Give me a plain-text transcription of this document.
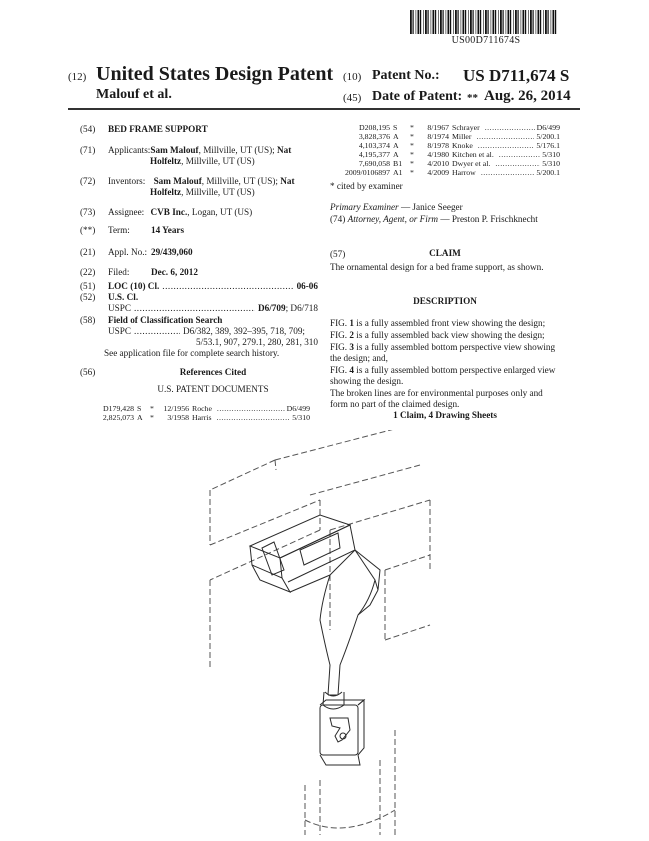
US00D711674S
(12) United States Design Patent
Malouf et al.
(10) Patent No.: US D711,674 S
(45) Date of Patent: ** Aug. 26, 2014
(54) BED FRAME SUPPORT
(71) Applicants:Sam Malouf, Millville, UT (US); Nat
Holfeltz, Millville, UT (US)
(72) Inventors: Sam Malouf, Millville, UT (US); Nat
Holfeltz, Millville, UT (US)
(73) Assignee: CVB Inc., Logan, UT (US)
(**) Term: 14 Years
(21) Appl. No.: 29/439,060
(22) Filed: Dec. 6, 2012
(51) LOC (10) Cl. .....	06-06
(52) U.S. Cl.
USPC .....	D6/709 ; D6/718
(58) Field of Classification Search
USPC .....	D6/382, 389, 392–395, 718, 709;
5/53.1, 907, 279.1, 280, 281, 310
See application file for complete search history.
(56)	References Cited
U.S. PATENT DOCUMENTS
D179,428 S	*	12/1956 Roche .....	D6/499
2,825,073 A *	3/1958 Harris .....	5/310
D208,195 S	*	8/1967 Schrayer .....	D6/499
3,828,376 A	*	8/1974 Miller .....	5/200.1
4,103,374 A	*	8/1978 Knoke .....	5/176.1
4,195,377 A	*	4/1980 Kitchen et al. .....	5/310
7,690,058 B1	*	4/2010 Dwyer et al. .....	5/310
2009/0106897 A1 *	4/2009 Harrow .....	5/200.1
* cited by examiner
Primary Examiner — Janice Seeger
(74) Attorney, Agent, or Firm — Preston P. Frischknecht
(57)	CLAIM
The ornamental design for a bed frame support, as shown.
DESCRIPTION

FIG. 1 is a fully assembled front view showing the design;

FIG. 2 is a fully assembled back view showing the design;

FIG. 3 is a fully assembled bottom perspective view showing the design; and,

FIG. 4 is a fully assembled bottom perspective enlarged view showing the design.

The broken lines are for environmental purposes only and form no part of the claimed design.

1 Claim, 4 Drawing Sheets
